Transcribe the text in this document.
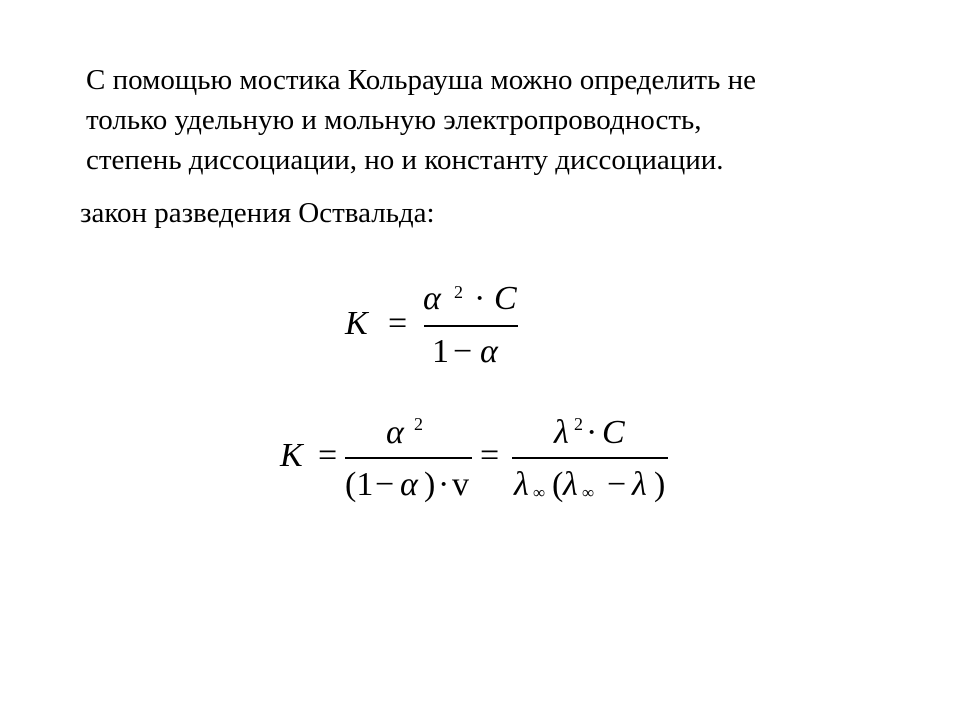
С помощью мостика Кольрауша можно определить не
только удельную и мольную электропроводность,
степень диссоциации, но и константу диссоциации.
закон разведения Оствальда:
K =
α 2 · C
1 − α
K =
α 2
(1 − α ) · v
=
λ 2 · C
λ ∞ ( λ ∞ − λ )
